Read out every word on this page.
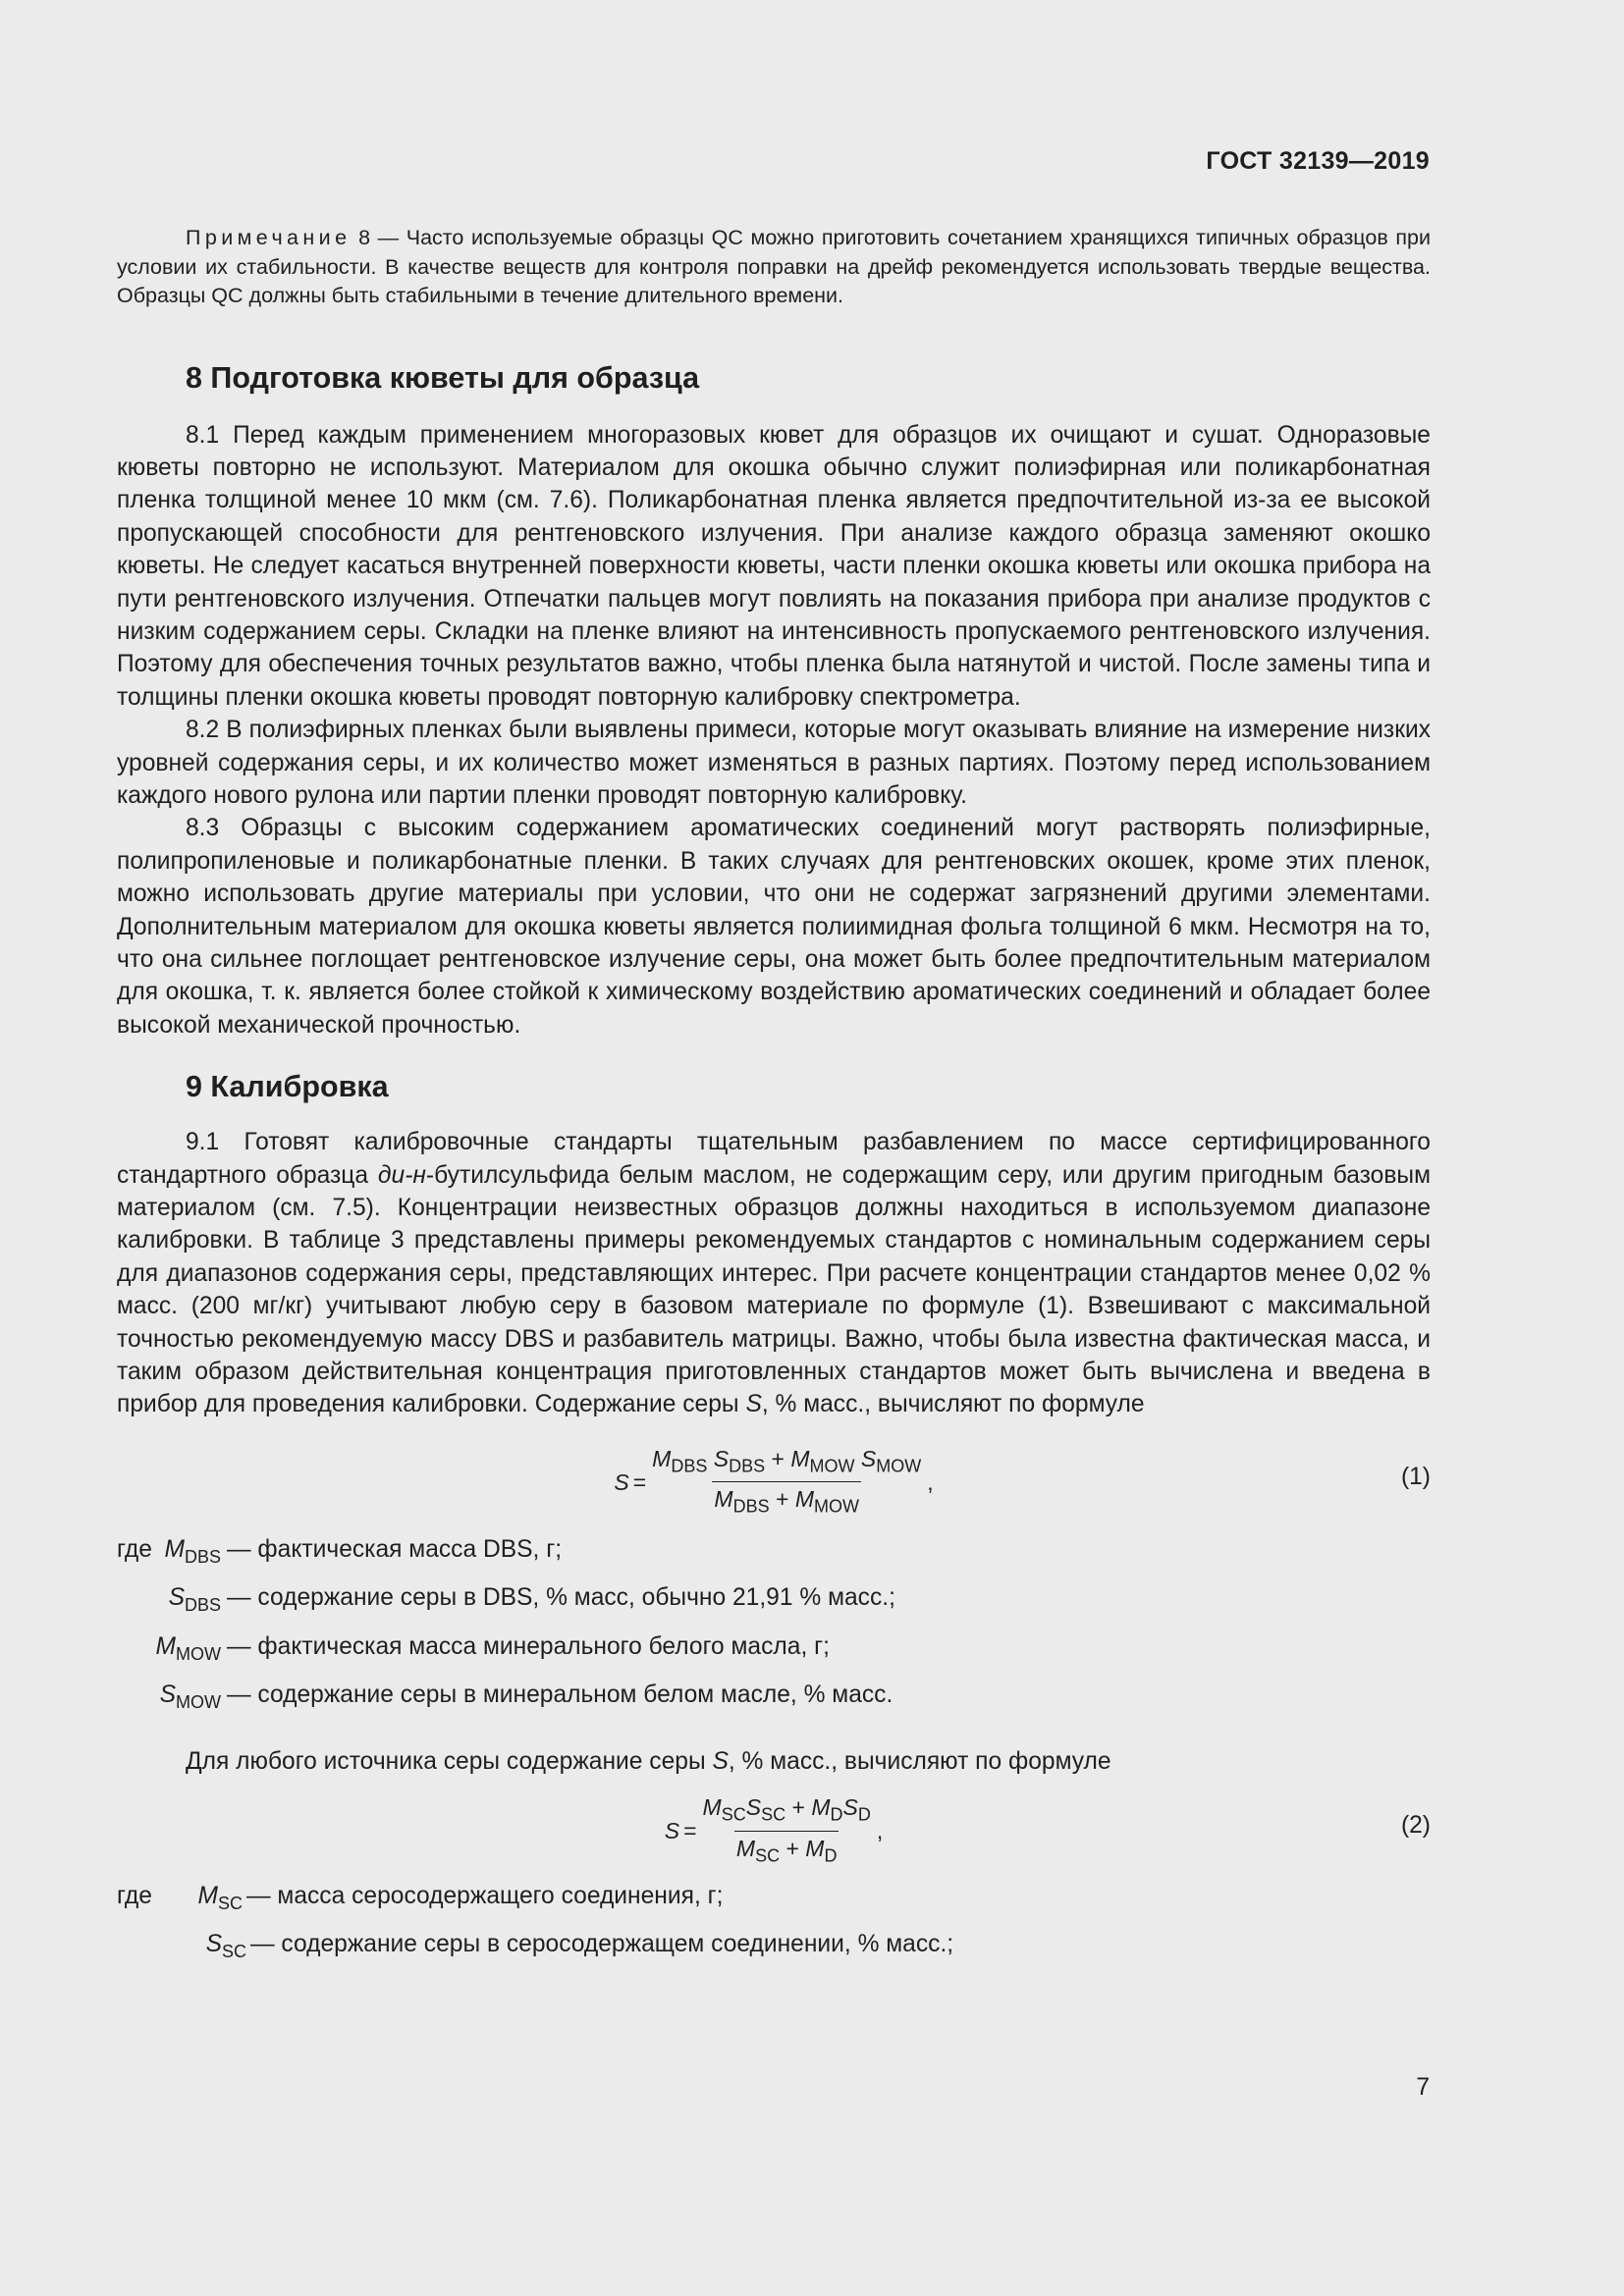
ГОСТ 32139—2019

Примечание 8 — Часто используемые образцы QC можно приготовить сочетанием хранящихся типичных образцов при условии их стабильности. В качестве веществ для контроля поправки на дрейф рекомендуется использовать твердые вещества. Образцы QC должны быть стабильными в течение длительного времени.

8 Подготовка кюветы для образца

8.1 Перед каждым применением многоразовых кювет для образцов их очищают и сушат. Одноразовые кюветы повторно не используют. Материалом для окошка обычно служит полиэфирная или поликарбонатная пленка толщиной менее 10 мкм (см. 7.6). Поликарбонатная пленка является предпочтительной из-за ее высокой пропускающей способности для рентгеновского излучения. При анализе каждого образца заменяют окошко кюветы. Не следует касаться внутренней поверхности кюветы, части пленки окошка кюветы или окошка прибора на пути рентгеновского излучения. Отпечатки пальцев могут повлиять на показания прибора при анализе продуктов с низким содержанием серы. Складки на пленке влияют на интенсивность пропускаемого рентгеновского излучения. Поэтому для обеспечения точных результатов важно, чтобы пленка была натянутой и чистой. После замены типа и толщины пленки окошка кюветы проводят повторную калибровку спектрометра.

8.2 В полиэфирных пленках были выявлены примеси, которые могут оказывать влияние на измерение низких уровней содержания серы, и их количество может изменяться в разных партиях. Поэтому перед использованием каждого нового рулона или партии пленки проводят повторную калибровку.

8.3 Образцы с высоким содержанием ароматических соединений могут растворять полиэфирные, полипропиленовые и поликарбонатные пленки. В таких случаях для рентгеновских окошек, кроме этих пленок, можно использовать другие материалы при условии, что они не содержат загрязнений другими элементами. Дополнительным материалом для окошка кюветы является полиимидная фольга толщиной 6 мкм. Несмотря на то, что она сильнее поглощает рентгеновское излучение серы, она может быть более предпочтительным материалом для окошка, т. к. является более стойкой к химическому воздействию ароматических соединений и обладает более высокой механической прочностью.

9 Калибровка

9.1 Готовят калибровочные стандарты тщательным разбавлением по массе сертифицированного стандартного образца ди-н-бутилсульфида белым маслом, не содержащим серу, или другим пригодным базовым материалом (см. 7.5). Концентрации неизвестных образцов должны находиться в используемом диапазоне калибровки. В таблице 3 представлены примеры рекомендуемых стандартов с номинальным содержанием серы для диапазонов содержания серы, представляющих интерес. При расчете концентрации стандартов менее 0,02 % масс. (200 мг/кг) учитывают любую серу в базовом материале по формуле (1). Взвешивают с максимальной точностью рекомендуемую массу DBS и разбавитель матрицы. Важно, чтобы была известна фактическая масса, и таким образом действительная концентрация приготовленных стандартов может быть вычислена и введена в прибор для проведения калибровки. Содержание серы S, % масс., вычисляют по формуле

$S = \frac{M_{DBS} S_{DBS} + M_{MOW} S_{MOW}}{M_{DBS} + M_{MOW}}$ ,	(1)
где $M_{DBS}$ — фактическая масса DBS, г;
$S_{DBS}$ — содержание серы в DBS, % масс, обычно 21,91 % масс.;
$M_{MOW}$ — фактическая масса минерального белого масла, г;
$S_{MOW}$ — содержание серы в минеральном белом масле, % масс.

Для любого источника серы содержание серы S, % масс., вычисляют по формуле

$S = \frac{M_{SC}S_{SC} + M_DS_D}{M_{SC} + M_D}$ ,	(2)
где	$M_{SC}$ — масса серосодержащего соединения, г;
$S_{SC}$ — содержание серы в серосодержащем соединении, % масс.;
7
